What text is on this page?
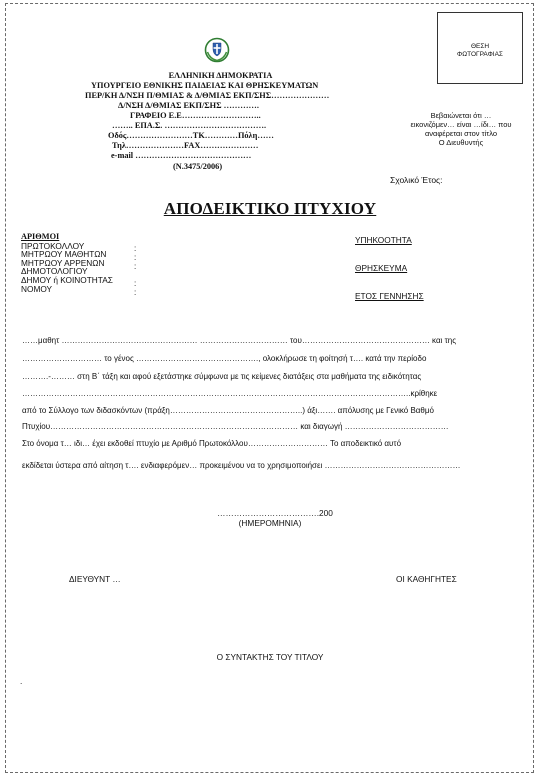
ΘΕΣΗ
ΦΩΤΟΓΡΑΦΙΑΣ
ΕΛΛΗΝΙΚΗ ΔΗΜΟΚΡΑΤΙΑ
ΥΠΟΥΡΓΕΙΟ ΕΘΝΙΚΗΣ ΠΑΙΔΕΙΑΣ ΚΑΙ ΘΡΗΣΚΕΥΜΑΤΩΝ
ΠΕΡ/ΚΗ Δ/ΝΣΗ Π/ΘΜΙΑΣ & Δ/ΘΜΙΑΣ ΕΚΠ/ΣΗΣ…………………
Δ/ΝΣΗ Δ/ΘΜΙΑΣ ΕΚΠ/ΣΗΣ ………….
ΓΡΑΦΕΙΟ Ε.Ε………………………..
…….. ΕΠΑ.Σ. ……………………………….
Οδός……………………ΤΚ…………Πόλη……
Τηλ…………………FAX…………………
e-mail ……………………………………
(Ν.3475/2006)
Βεβαιώνεται ότι …
εικονιζόμεν… είναι …ίδι… που
αναφέρεται στον τίτλο
Ο Διευθυντής
Σχολικό Έτος:
ΑΠΟΔΕΙΚΤΙΚΟ ΠΤΥΧΙΟΥ
ΑΡΙΘΜΟΙ
ΠΡΩΤΟΚΟΛΛΟΥ
ΜΗΤΡΩΟΥ ΜΑΘΗΤΩΝ
ΜΗΤΡΩΟΥ ΑΡΡΕΝΩΝ
ΔΗΜΟΤΟΛΟΓΙΟΥ
ΔΗΜΟΥ ή ΚΟΙΝΟΤΗΤΑΣ
ΝΟΜΟΥ
:
:
:
:
:
ΥΠΗΚΟΟΤΗΤΑ
ΘΡΗΣΚΕΥΜΑ
ΕΤΟΣ ΓΕΝΝΗΣΗΣ
……μαθητ …………………………………………… …………………………… του………………………………………… και της
………………………… το γένος ………………………………………., ολοκλήρωσε τη φοίτησή τ…. κατά την περίοδο
……….-……… στη Β΄ τάξη και αφού εξετάστηκε σύμφωνα με τις κείμενες διατάξεις στα μαθήματα της ειδικότητας
………………………………………………………………………………………………………………………………..κρίθηκε
από το Σύλλογο των διδασκόντων (πράξη…………………………………………..) άξι……. απόλυσης με Γενικό Βαθμό
Πτυχίου………………………………………………………………………………… και διαγωγή …………………………………
Στο όνομα τ… ιδι… έχει εκδοθεί πτυχίο με Αριθμό Πρωτοκόλλου………………………… Το αποδεικτικό αυτό
εκδίδεται ύστερα από αίτηση τ…. ενδιαφερόμεν… προκειμένου να το χρησιμοποιήσει ……………………………………………
……………………………….200
(ΗΜΕΡΟΜΗΝΙΑ)
ΔΙΕΥΘΥΝΤ …	ΟΙ ΚΑΘΗΓΗΤΕΣ
Ο ΣΥΝΤΑΚΤΗΣ ΤΟΥ ΤΙΤΛΟΥ
.
